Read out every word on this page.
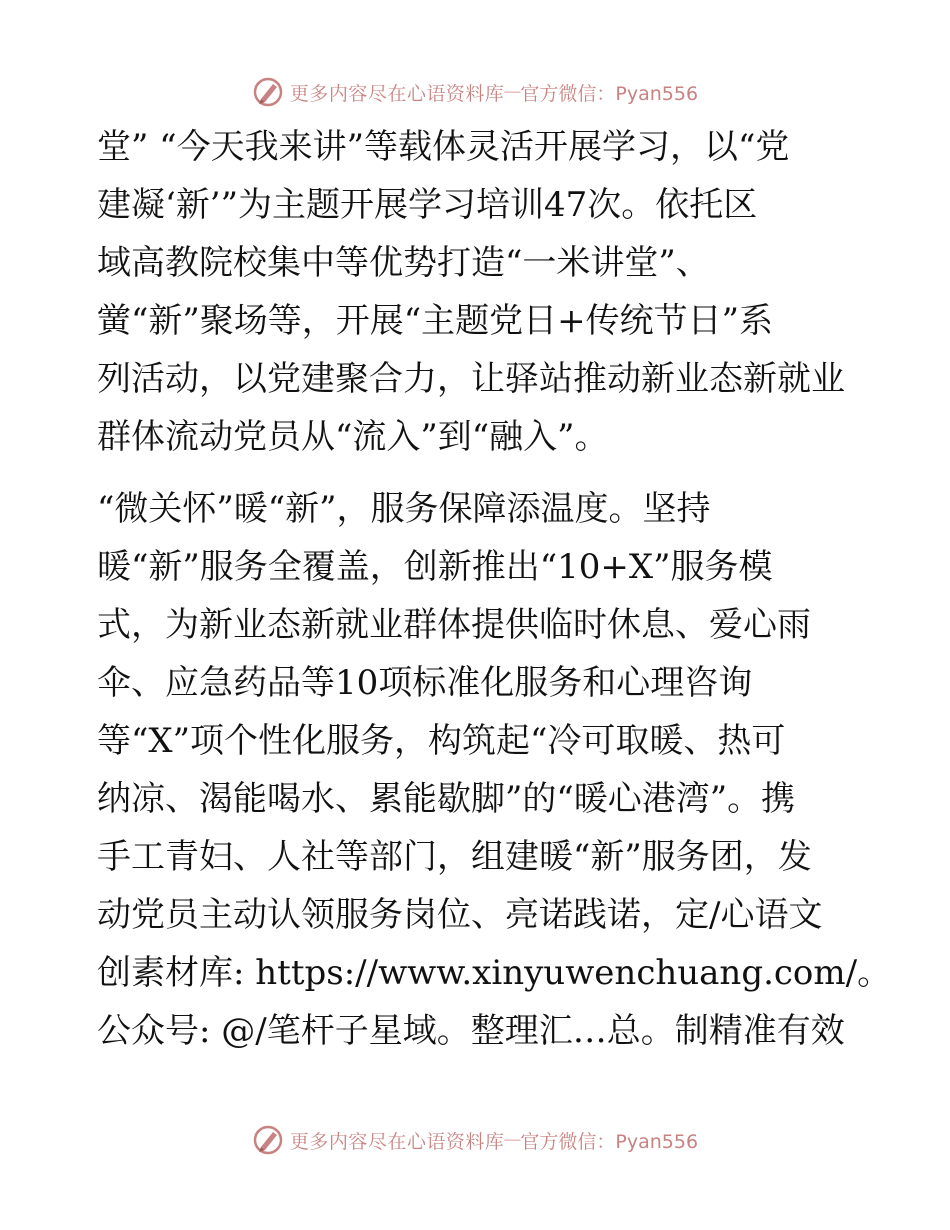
更多内容尽在心语资料库 — 官方微信：Pyan556
堂” “今天我来讲”等载体灵活开展学习，以“党
建凝‘新’”为主题开展学习培训47次。依托区
域高教院校集中等优势打造“一米讲堂”、
黉“新”聚场等，开展“主题党日+传统节日”系
列活动，以党建聚合力，让驿站推动新业态新就业
群体流动党员从“流入”到“融入”。
“微关怀”暖“新”，服务保障添温度。坚持
暖“新”服务全覆盖，创新推出“10+X”服务模
式，为新业态新就业群体提供临时休息、爱心雨
伞、应急药品等10项标准化服务和心理咨询
等“X”项个性化服务，构筑起“冷可取暖、热可
纳凉、渴能喝水、累能歇脚”的“暖心港湾”。携
手工青妇、人社等部门，组建暖“新”服务团，发
动党员主动认领服务岗位、亮诺践诺，定/心语文
创素材库: https://www.xinyuwenchuang.com/。
公众号: @/笔杆子星域。整理汇…总。制精准有效
更多内容尽在心语资料库 — 官方微信：Pyan556
